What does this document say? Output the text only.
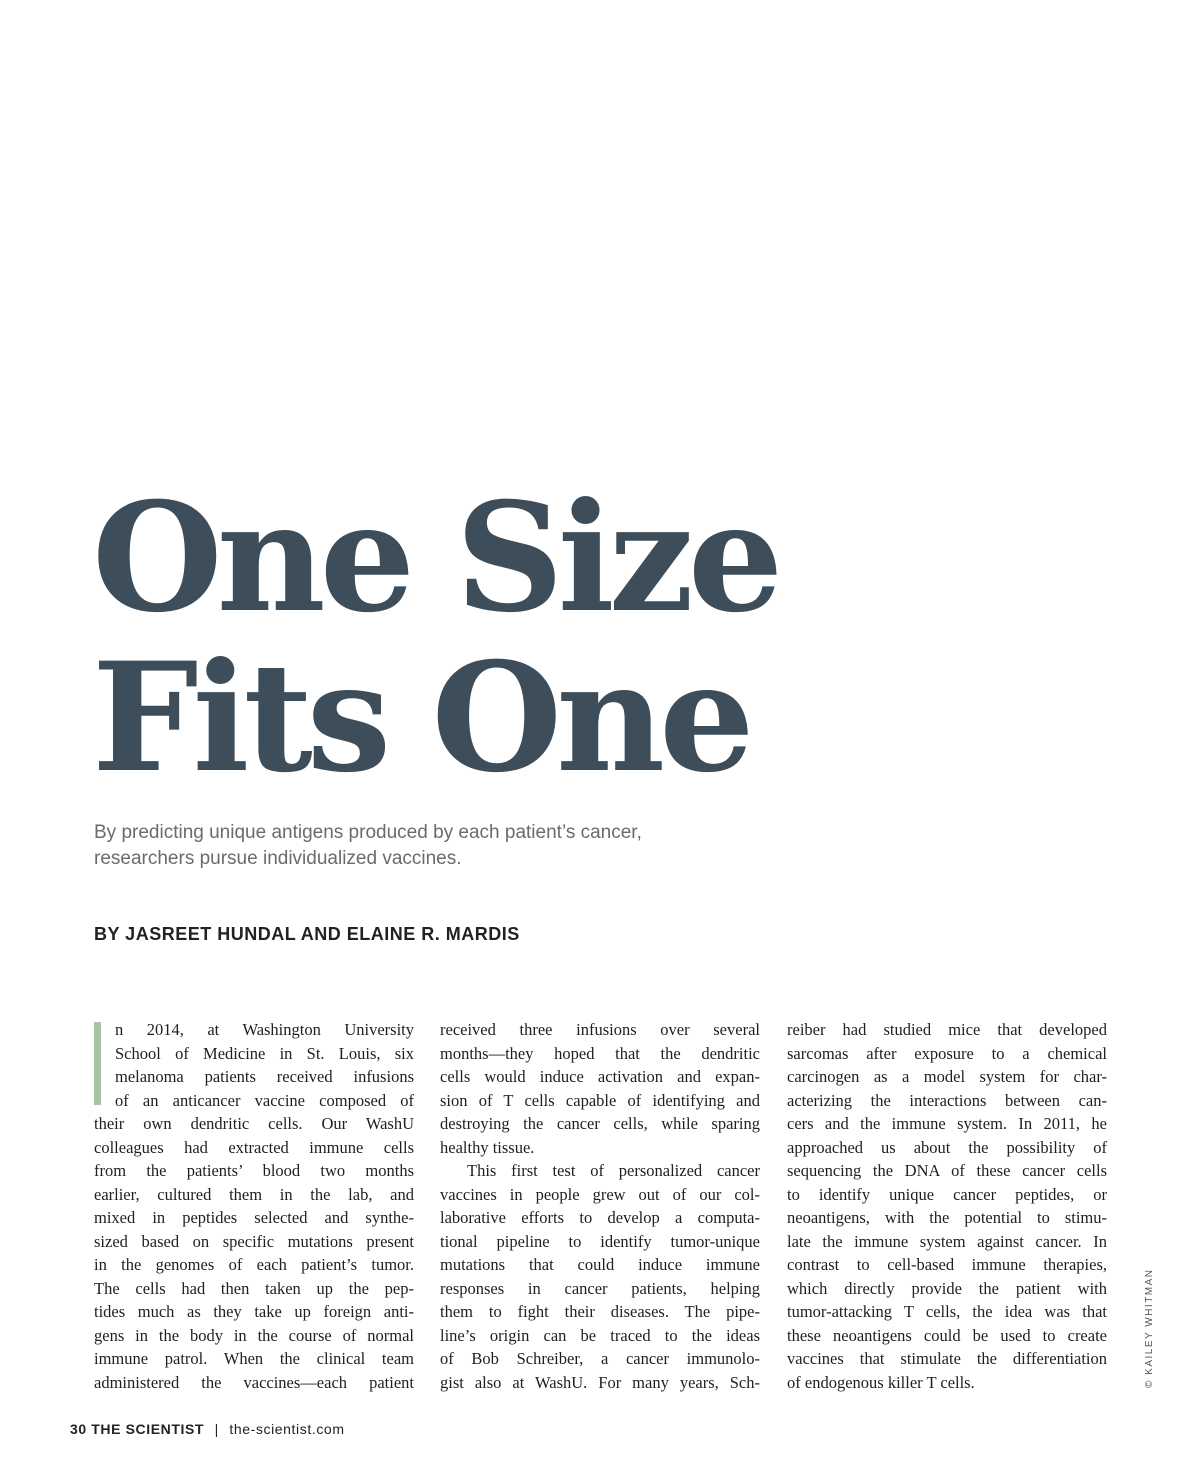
One Size
Fits One

By predicting unique antigens produced by each patient’s cancer,
researchers pursue individualized vaccines.

BY JASREET HUNDAL AND ELAINE R. MARDIS

n 2014, at Washington University
School of Medicine in St. Louis, six
melanoma patients received infusions
of an anticancer vaccine composed of
their own dendritic cells. Our WashU
colleagues had extracted immune cells
from the patients’ blood two months
earlier, cultured them in the lab, and
mixed in peptides selected and synthe-
sized based on specific mutations present
in the genomes of each patient’s tumor.
The cells had then taken up the pep-
tides much as they take up foreign anti-
gens in the body in the course of normal
immune patrol. When the clinical team
administered the vaccines—each patient
received three infusions over several
months—they hoped that the dendritic
cells would induce activation and expan-
sion of T cells capable of identifying and
destroying the cancer cells, while sparing
healthy tissue.
This first test of personalized cancer
vaccines in people grew out of our col-
laborative efforts to develop a computa-
tional pipeline to identify tumor-unique
mutations that could induce immune
responses in cancer patients, helping
them to fight their diseases. The pipe-
line’s origin can be traced to the ideas
of Bob Schreiber, a cancer immunolo-
gist also at WashU. For many years, Sch-
reiber had studied mice that developed
sarcomas after exposure to a chemical
carcinogen as a model system for char-
acterizing the interactions between can-
cers and the immune system. In 2011, he
approached us about the possibility of
sequencing the DNA of these cancer cells
to identify unique cancer peptides, or
neoantigens, with the potential to stimu-
late the immune system against cancer. In
contrast to cell-based immune therapies,
which directly provide the patient with
tumor-attacking T cells, the idea was that
these neoantigens could be used to create
vaccines that stimulate the differentiation
of endogenous killer T cells.	© KAILEY WHITMAN
30 THE SCIENTIST | the-scientist.com
